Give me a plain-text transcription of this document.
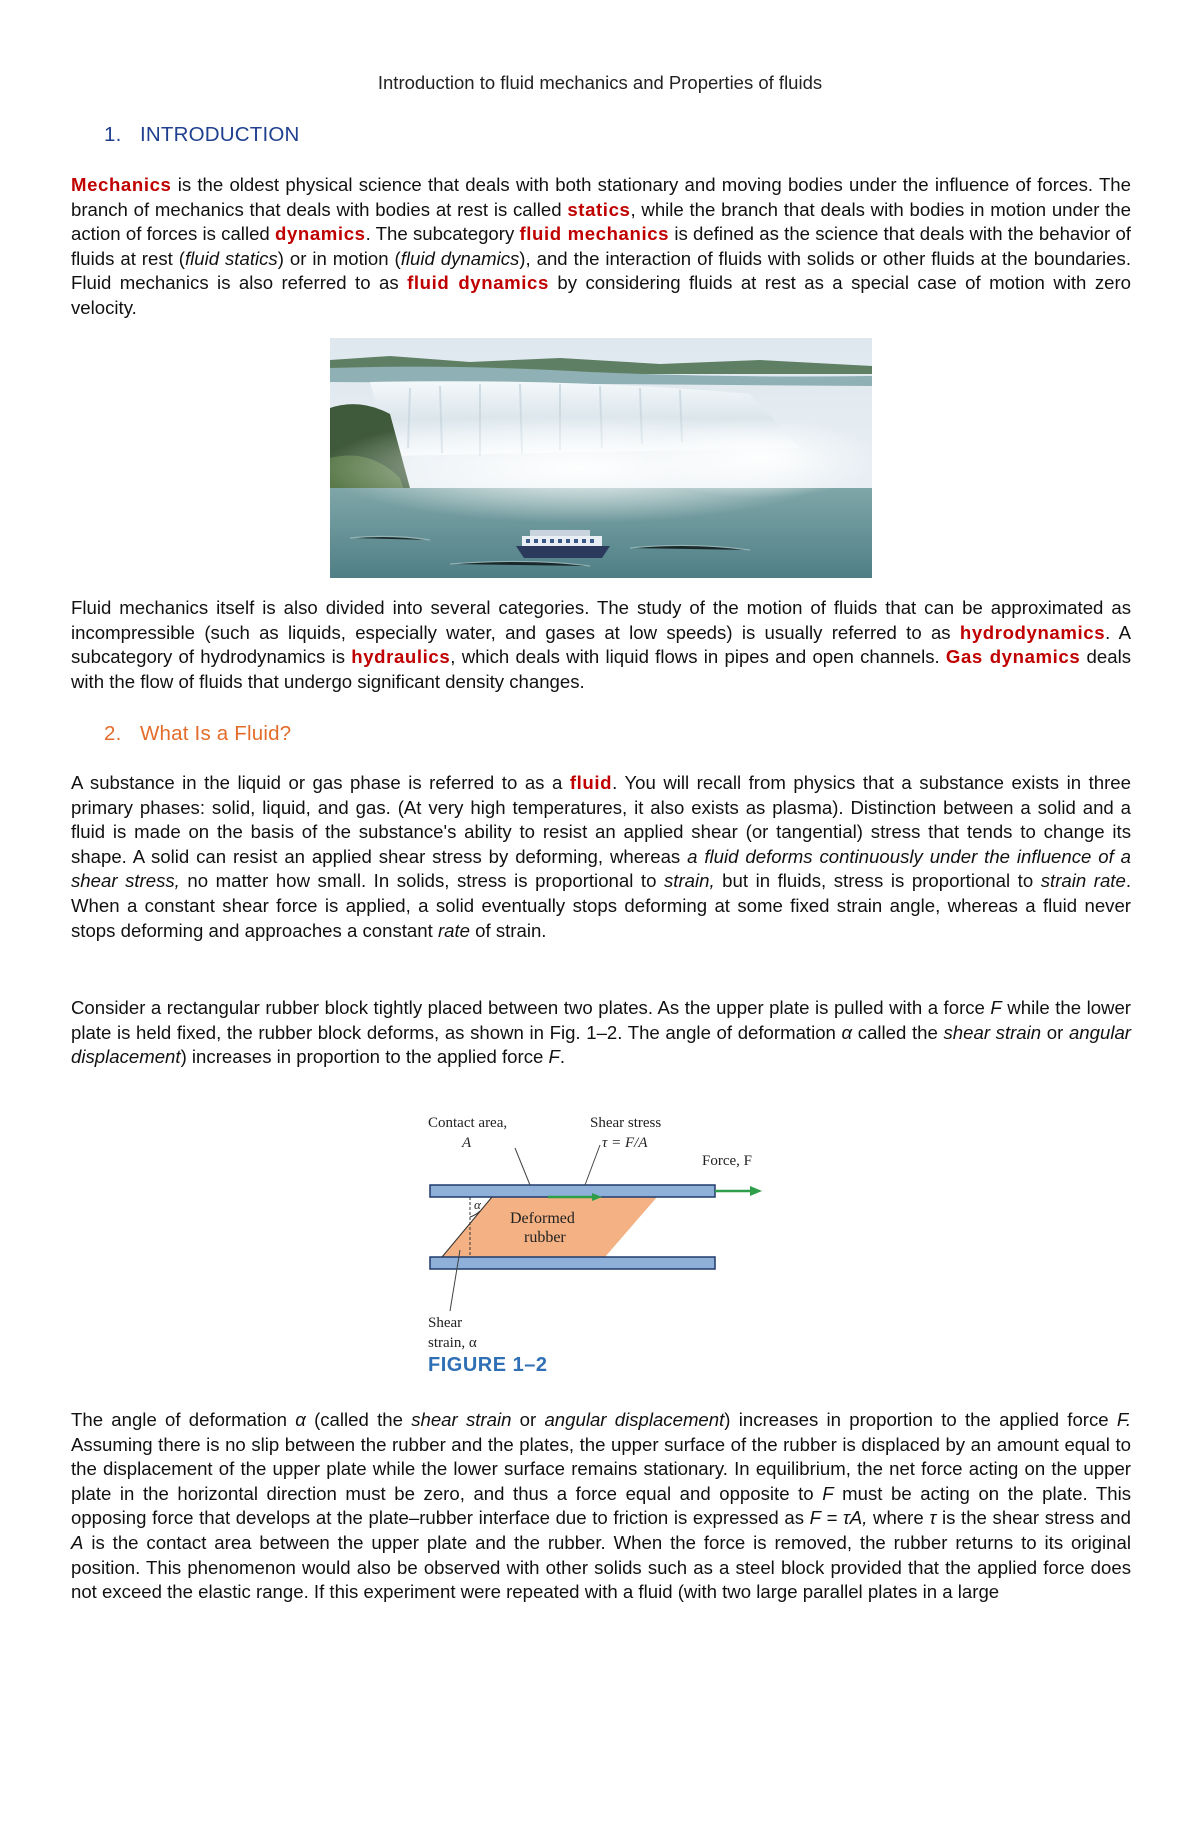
Introduction to fluid mechanics and Properties of fluids
1. INTRODUCTION

Mechanics is the oldest physical science that deals with both stationary and moving bodies under the influence of forces. The branch of mechanics that deals with bodies at rest is called statics, while the branch that deals with bodies in motion under the action of forces is called dynamics. The subcategory fluid mechanics is defined as the science that deals with the behavior of fluids at rest (fluid statics) or in motion (fluid dynamics), and the interaction of fluids with solids or other fluids at the boundaries. Fluid mechanics is also referred to as fluid dynamics by considering fluids at rest as a special case of motion with zero velocity.

Fluid mechanics itself is also divided into several categories. The study of the motion of fluids that can be approximated as incompressible (such as liquids, especially water, and gases at low speeds) is usually referred to as hydrodynamics. A subcategory of hydrodynamics is hydraulics, which deals with liquid flows in pipes and open channels. Gas dynamics deals with the flow of fluids that undergo significant density changes.

2. What Is a Fluid?

A substance in the liquid or gas phase is referred to as a fluid. You will recall from physics that a substance exists in three primary phases: solid, liquid, and gas. (At very high temperatures, it also exists as plasma). Distinction between a solid and a fluid is made on the basis of the substance's ability to resist an applied shear (or tangential) stress that tends to change its shape. A solid can resist an applied shear stress by deforming, whereas a fluid deforms continuously under the influence of a shear stress, no matter how small. In solids, stress is proportional to strain, but in fluids, stress is proportional to strain rate. When a constant shear force is applied, a solid eventually stops deforming at some fixed strain angle, whereas a fluid never stops deforming and approaches a constant rate of strain.

Consider a rectangular rubber block tightly placed between two plates. As the upper plate is pulled with a force F while the lower plate is held fixed, the rubber block deforms, as shown in Fig. 1–2. The angle of deformation α called the shear strain or angular displacement) increases in proportion to the applied force F.

Contact area,
A
Shear stress
τ = F/A
Force, F
α
Deformed
rubber
Shear
strain, α
FIGURE 1–2

The angle of deformation α (called the shear strain or angular displacement) increases in proportion to the applied force F. Assuming there is no slip between the rubber and the plates, the upper surface of the rubber is displaced by an amount equal to the displacement of the upper plate while the lower surface remains stationary. In equilibrium, the net force acting on the upper plate in the horizontal direction must be zero, and thus a force equal and opposite to F must be acting on the plate. This opposing force that develops at the plate–rubber interface due to friction is expressed as F = τA, where τ is the shear stress and A is the contact area between the upper plate and the rubber. When the force is removed, the rubber returns to its original position. This phenomenon would also be observed with other solids such as a steel block provided that the applied force does not exceed the elastic range. If this experiment were repeated with a fluid (with two large parallel plates in a large
